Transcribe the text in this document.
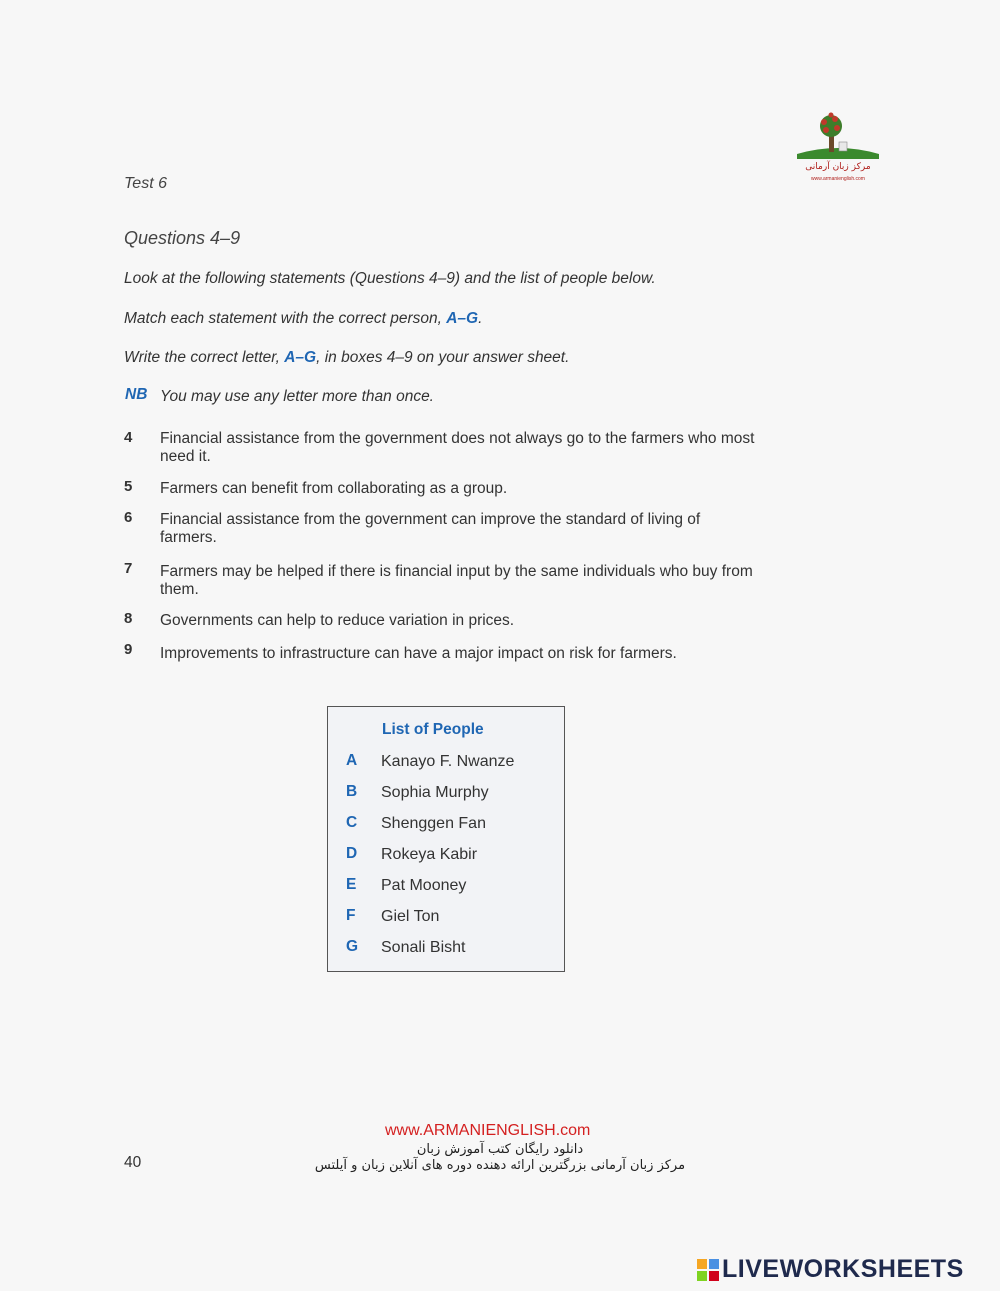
مرکز زبان آرمانی
www.armanienglish.com
Test 6
Questions 4–9
Look at the following statements (Questions 4–9) and the list of people below.
Match each statement with the correct person, A–G.
Write the correct letter, A–G, in boxes 4–9 on your answer sheet.
NB You may use any letter more than once.
4 Financial assistance from the government does not always go to the farmers who most need it.
5 Farmers can benefit from collaborating as a group.
6 Financial assistance from the government can improve the standard of living of farmers.
7 Farmers may be helped if there is financial input by the same individuals who buy from them.
8 Governments can help to reduce variation in prices.
9 Improvements to infrastructure can have a major impact on risk for farmers.
List of People
A Kanayo F. Nwanze
B Sophia Murphy
C Shenggen Fan
D Rokeya Kabir
E Pat Mooney
F Giel Ton
G Sonali Bisht
www.ARMANIENGLISH.com
دانلود رایگان کتب آموزش زبان
مرکز زبان آرمانی بزرگترین ارائه دهنده دوره های آنلاین زبان و آیلتس
40
LIVEWORKSHEETS
